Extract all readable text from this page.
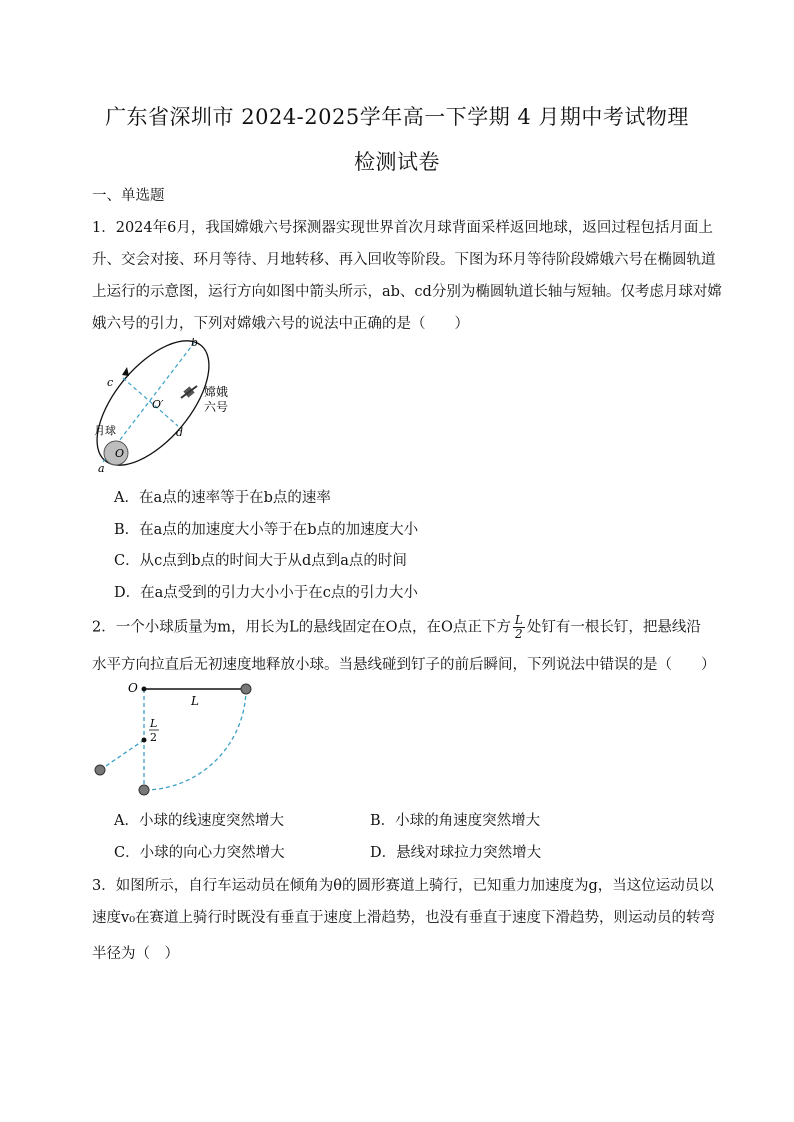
广东省深圳市 2024-2025学年高一下学期 4 月期中考试物理
检测试卷
一、单选题
1．2024年6月，我国嫦娥六号探测器实现世界首次月球背面采样返回地球，返回过程包括月面上
升、交会对接、环月等待、月地转移、再入回收等阶段。下图为环月等待阶段嫦娥六号在椭圆轨道
上运行的示意图，运行方向如图中箭头所示，ab、cd分别为椭圆轨道长轴与短轴。仅考虑月球对嫦
娥六号的引力，下列对嫦娥六号的说法中正确的是（　　）
b
c
O′
d
月球
O
a
嫦娥
六号
A．在a点的速率等于在b点的速率
B．在a点的加速度大小等于在b点的加速度大小
C．从c点到b点的时间大于从d点到a点的时间
D．在a点受到的引力大小小于在c点的引力大小
2．一个小球质量为m，用长为L的悬线固定在O点，在O点正下方 $\frac{L}{2}$ 处钉有一根长钉，把悬线沿
水平方向拉直后无初速度地释放小球。当悬线碰到钉子的前后瞬间，下列说法中错误的是（　　）
O
L
L
2
A．小球的线速度突然增大	B．小球的角速度突然增大
C．小球的向心力突然增大	D．悬线对球拉力突然增大
3．如图所示，自行车运动员在倾角为θ的圆形赛道上骑行，已知重力加速度为g，当这位运动员以
速度v₀在赛道上骑行时既没有垂直于速度上滑趋势，也没有垂直于速度下滑趋势，则运动员的转弯
半径为（　）
